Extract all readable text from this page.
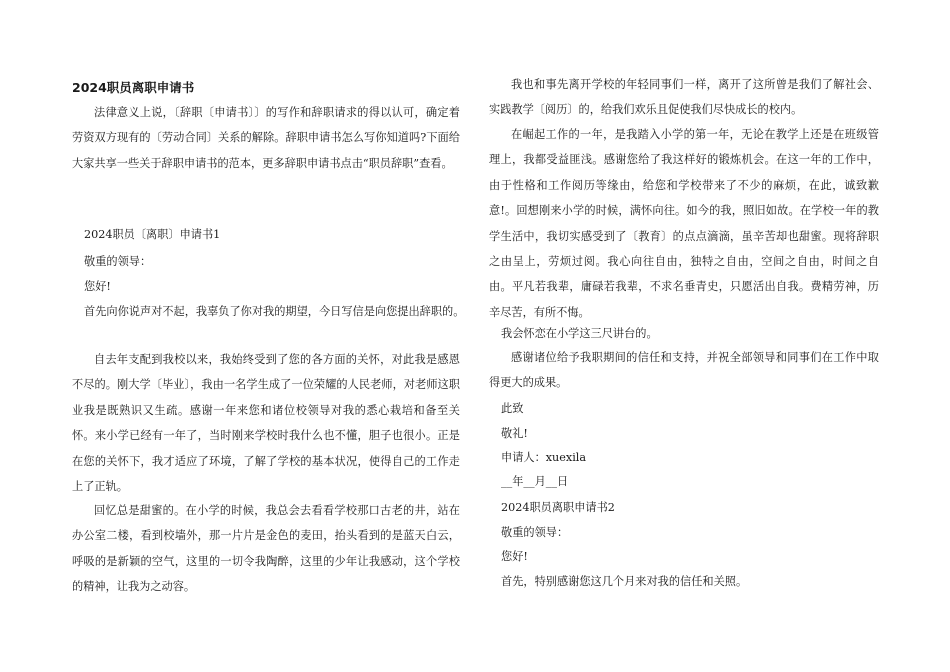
2024职员离职申请书

法律意义上说，〔辞职〔申请书〕〕的写作和辞职请求的得以认可，确定着劳资双方现有的〔劳动合同〕关系的解除。辞职申请书怎么写你知道吗?下面给大家共享一些关于辞职申请书的范本，更多辞职申请书点击“职员辞职”查看。

2024职员〔离职〕申请书1
敬重的领导：
您好!
首先向你说声对不起，我辜负了你对我的期望，今日写信是向您提出辞职的。

自去年支配到我校以来，我始终受到了您的各方面的关怀，对此我是感恩不尽的。刚大学〔毕业〕，我由一名学生成了一位荣耀的人民老师，对老师这职业我是既熟识又生疏。感谢一年来您和诸位校领导对我的悉心栽培和备至关怀。来小学已经有一年了，当时刚来学校时我什么也不懂，胆子也很小。正是在您的关怀下，我才适应了环境，了解了学校的基本状况，使得自己的工作走上了正轨。

回忆总是甜蜜的。在小学的时候，我总会去看看学校那口古老的井，站在办公室二楼，看到校墙外，那一片片是金色的麦田，抬头看到的是蓝天白云，呼吸的是新颖的空气，这里的一切令我陶醉，这里的少年让我感动，这个学校的精神，让我为之动容。

我也和事先离开学校的年轻同事们一样，离开了这所曾是我们了解社会、实践教学〔阅历〕的，给我们欢乐且促使我们尽快成长的校内。

在崛起工作的一年，是我踏入小学的第一年，无论在教学上还是在班级管理上，我都受益匪浅。感谢您给了我这样好的锻炼机会。在这一年的工作中，由于性格和工作阅历等缘由，给您和学校带来了不少的麻烦，在此，诚致歉意!。回想刚来小学的时候，满怀向往。如今的我，照旧如故。在学校一年的教学生活中，我切实感受到了〔教育〕的点点滴滴，虽辛苦却也甜蜜。现将辞职之由呈上，劳烦过阅。我心向往自由，独特之自由，空间之自由，时间之自由。平凡若我辈，庸碌若我辈，不求名垂青史，只愿活出自我。费精劳神，历辛尽苦，有所不悔。

我会怀恋在小学这三尺讲台的。

感谢诸位给予我职期间的信任和支持，并祝全部领导和同事们在工作中取得更大的成果。

此致
敬礼!
申请人：xuexila
__年__月__日
2024职员离职申请书2
敬重的领导：
您好!
首先，特别感谢您这几个月来对我的信任和关照。
